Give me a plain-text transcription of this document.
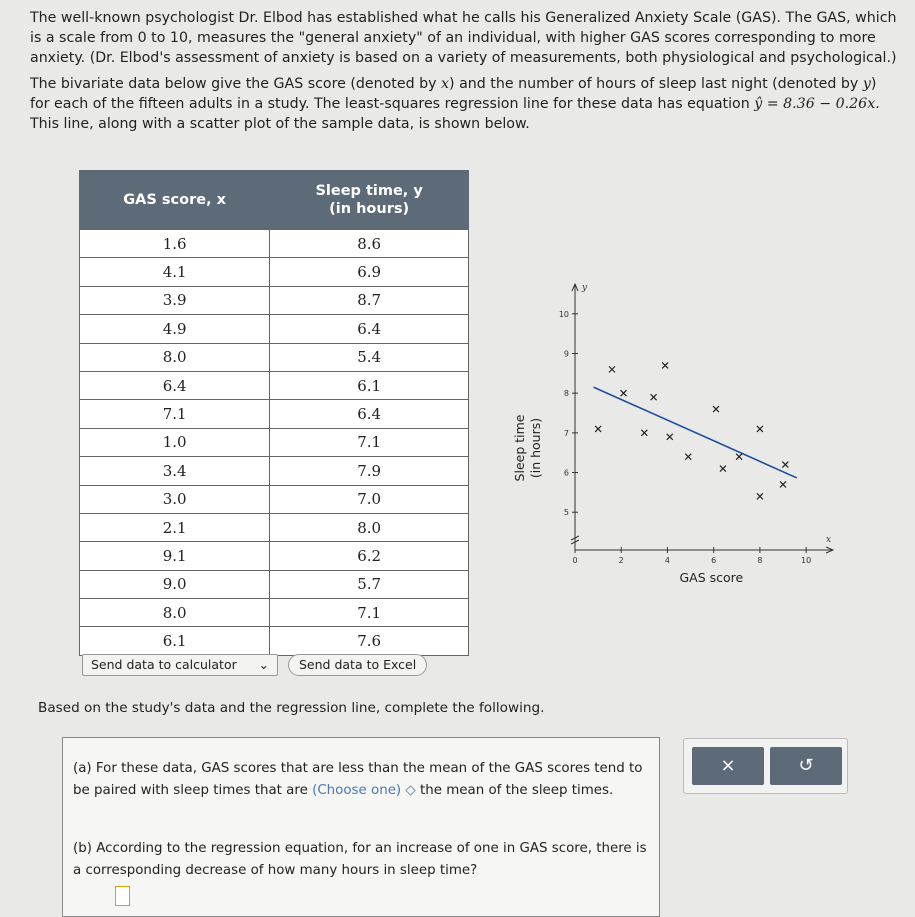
The well-known psychologist Dr. Elbod has established what he calls his Generalized Anxiety Scale (GAS). The GAS, which is a scale from 0 to 10, measures the "general anxiety" of an individual, with higher GAS scores corresponding to more anxiety. (Dr. Elbod's assessment of anxiety is based on a variety of measurements, both physiological and psychological.)

The bivariate data below give the GAS score (denoted by x) and the number of hours of sleep last night (denoted by y) for each of the fifteen adults in a study. The least-squares regression line for these data has equation ŷ = 8.36 − 0.26x. This line, along with a scatter plot of the sample data, is shown below.

GAS score, x	Sleep time, y
(in hours)
1.6	8.6
4.1	6.9
3.9	8.7
4.9	6.4
8.0	5.4
6.4	6.1
7.1	6.4
1.0	7.1
3.4	7.9
3.0	7.0
2.1	8.0
9.1	6.2
9.0	5.7
8.0	7.1
6.1	7.6
Send data to calculator ⌄	Send data to Excel
5
6
7
8
9
10
0	2	4	6	8	10
y
x
GAS score
Sleep time (in hours)
Based on the study's data and the regression line, complete the following.
(a) For these data, GAS scores that are less than the mean of the GAS scores tend to be paired with sleep times that are (Choose one) ◇ the mean of the sleep times.
(b) According to the regression equation, for an increase of one in GAS score, there is a corresponding decrease of how many hours in sleep time?

×	↺
